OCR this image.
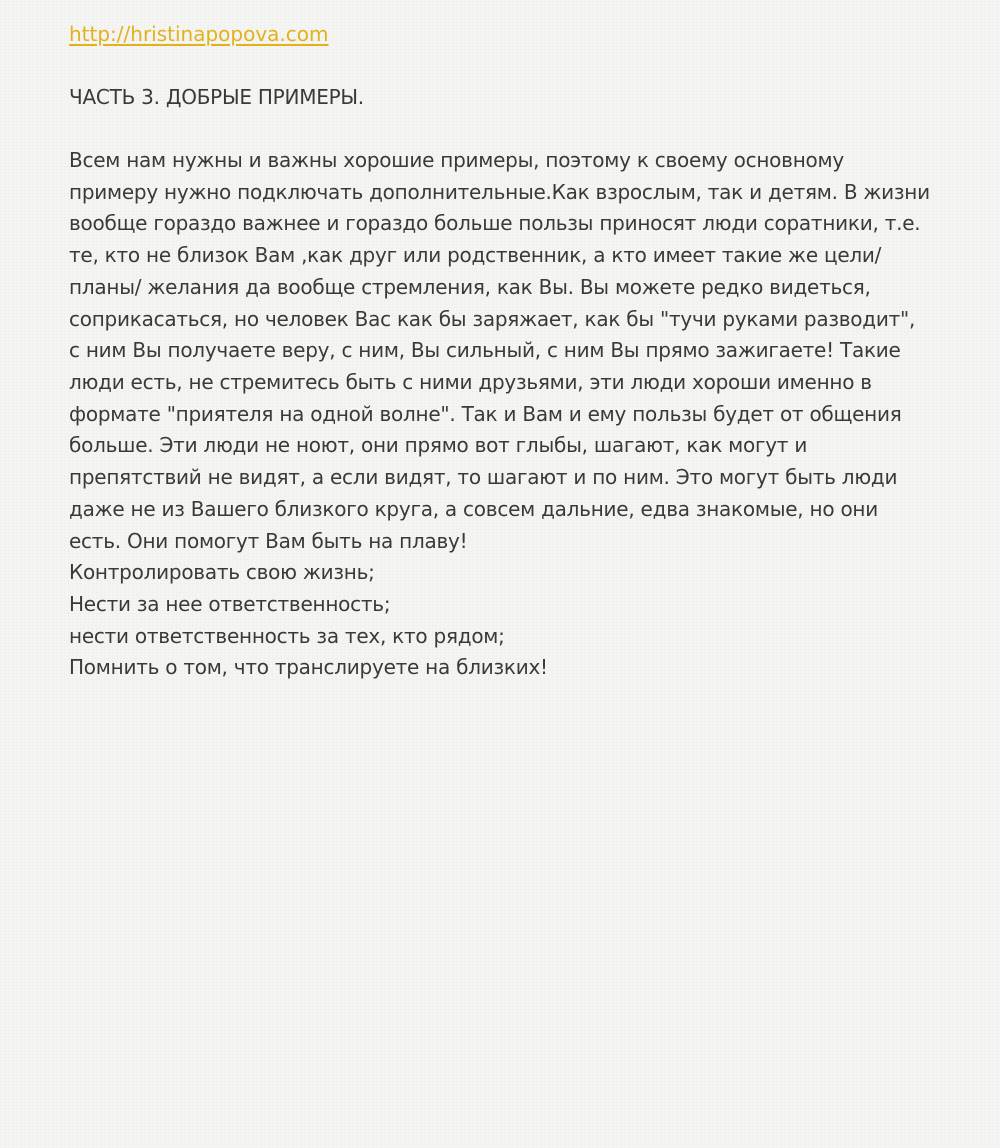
http://hristinapopova.com
ЧАСТЬ 3. ДОБРЫЕ ПРИМЕРЫ.
Всем нам нужны и важны хорошие примеры, поэтому к своему основному
примеру нужно подключать дополнительные.Как взрослым, так и детям. В жизни
вообще гораздо важнее и гораздо больше пользы приносят люди соратники, т.е.
те, кто не близок Вам ,как друг или родственник, а кто имеет такие же цели/
планы/ желания да вообще стремления, как Вы. Вы можете редко видеться,
соприкасаться, но человек Вас как бы заряжает, как бы "тучи руками разводит",
с ним Вы получаете веру, с ним, Вы сильный, с ним Вы прямо зажигаете! Такие
люди есть, не стремитесь быть с ними друзьями, эти люди хороши именно в
формате "приятеля на одной волне". Так и Вам и ему пользы будет от общения
больше. Эти люди не ноют, они прямо вот глыбы, шагают, как могут и
препятствий не видят, а если видят, то шагают и по ним. Это могут быть люди
даже не из Вашего близкого круга, а совсем дальние, едва знакомые, но они
есть. Они помогут Вам быть на плаву!
Контролировать свою жизнь;
Нести за нее ответственность;
нести ответственность за тех, кто рядом;
Помнить о том, что транслируете на близких!
